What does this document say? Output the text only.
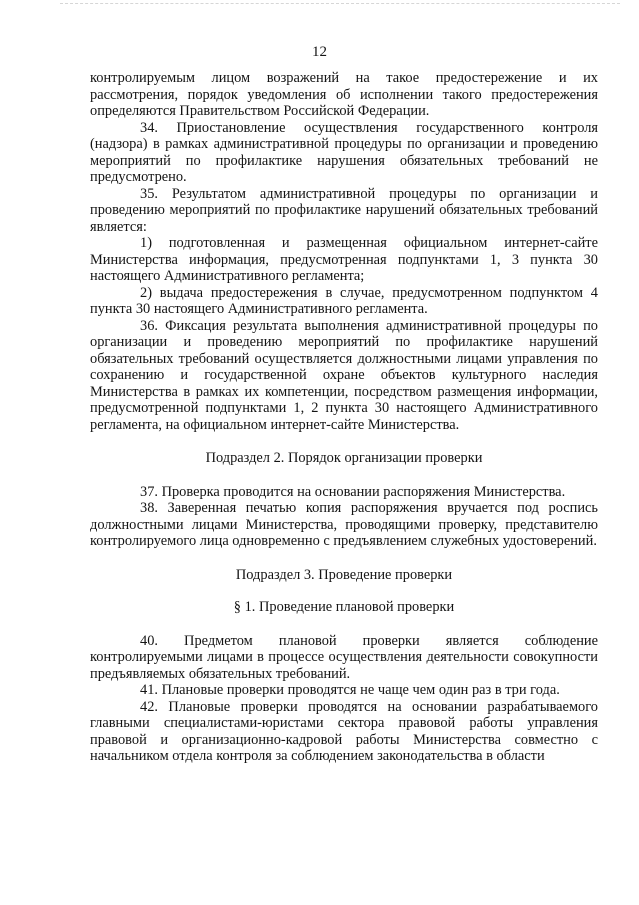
12

контролируемым лицом возражений на такое предостережение и их рассмотрения, порядок уведомления об исполнении такого предостережения определяются Правительством Российской Федерации.

34. Приостановление осуществления государственного контроля (надзора) в рамках административной процедуры по организации и проведению мероприятий по профилактике нарушения обязательных требований не предусмотрено.

35. Результатом административной процедуры по организации и проведению мероприятий по профилактике нарушений обязательных требований является:

1) подготовленная и размещенная официальном интернет-сайте Министерства информация, предусмотренная подпунктами 1, 3 пункта 30 настоящего Административного регламента;

2) выдача предостережения в случае, предусмотренном подпунктом 4 пункта 30 настоящего Административного регламента.

36. Фиксация результата выполнения административной процедуры по организации и проведению мероприятий по профилактике нарушений обязательных требований осуществляется должностными лицами управления по сохранению и государственной охране объектов культурного наследия Министерства в рамках их компетенции, посредством размещения информации, предусмотренной подпунктами 1, 2 пункта 30 настоящего Административного регламента, на официальном интернет-сайте Министерства.

Подраздел 2. Порядок организации проверки

37. Проверка проводится на основании распоряжения Министерства.

38. Заверенная печатью копия распоряжения вручается под роспись должностными лицами Министерства, проводящими проверку, представителю контролируемого лица одновременно с предъявлением служебных удостоверений.

Подраздел 3. Проведение проверки
§ 1. Проведение плановой проверки

40. Предметом плановой проверки является соблюдение контролируемыми лицами в процессе осуществления деятельности совокупности предъявляемых обязательных требований.

41. Плановые проверки проводятся не чаще чем один раз в три года.

42. Плановые проверки проводятся на основании разрабатываемого главными специалистами-юристами сектора правовой работы управления правовой и организационно-кадровой работы Министерства совместно с начальником отдела контроля за соблюдением законодательства в области
